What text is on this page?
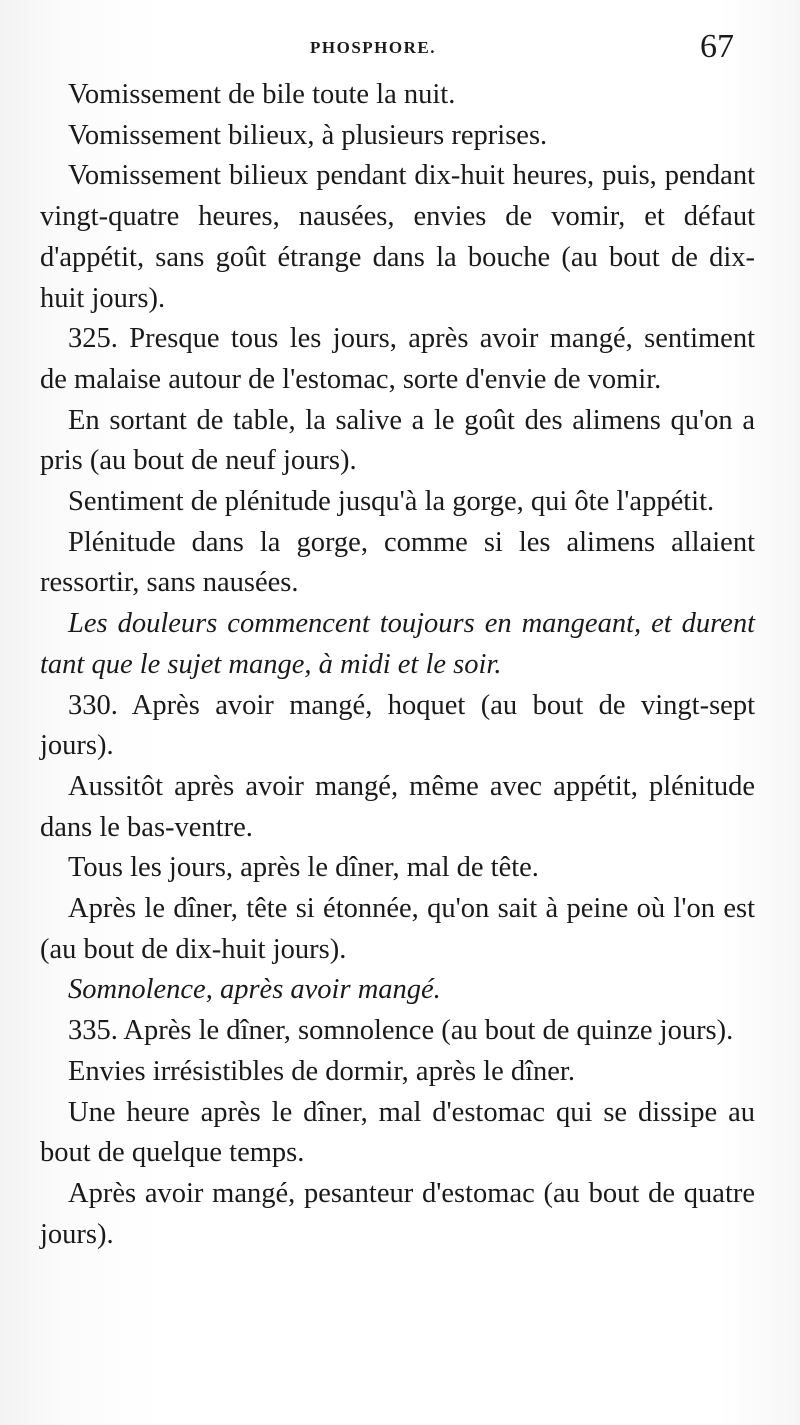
PHOSPHORE.	67

Vomissement de bile toute la nuit.

Vomissement bilieux, à plusieurs reprises.

Vomissement bilieux pendant dix-huit heures, puis, pendant vingt-quatre heures, nausées, envies de vomir, et défaut d'appétit, sans goût étrange dans la bouche (au bout de dix-huit jours).

325. Presque tous les jours, après avoir mangé, sentiment de malaise autour de l'estomac, sorte d'envie de vomir.

En sortant de table, la salive a le goût des alimens qu'on a pris (au bout de neuf jours).

Sentiment de plénitude jusqu'à la gorge, qui ôte l'appétit.

Plénitude dans la gorge, comme si les alimens allaient ressortir, sans nausées.

Les douleurs commencent toujours en mangeant, et durent tant que le sujet mange, à midi et le soir.

330. Après avoir mangé, hoquet (au bout de vingt-sept jours).

Aussitôt après avoir mangé, même avec appétit, plénitude dans le bas-ventre.

Tous les jours, après le dîner, mal de tête.

Après le dîner, tête si étonnée, qu'on sait à peine où l'on est (au bout de dix-huit jours).

Somnolence, après avoir mangé.

335. Après le dîner, somnolence (au bout de quinze jours).

Envies irrésistibles de dormir, après le dîner.

Une heure après le dîner, mal d'estomac qui se dissipe au bout de quelque temps.

Après avoir mangé, pesanteur d'estomac (au bout de quatre jours).
